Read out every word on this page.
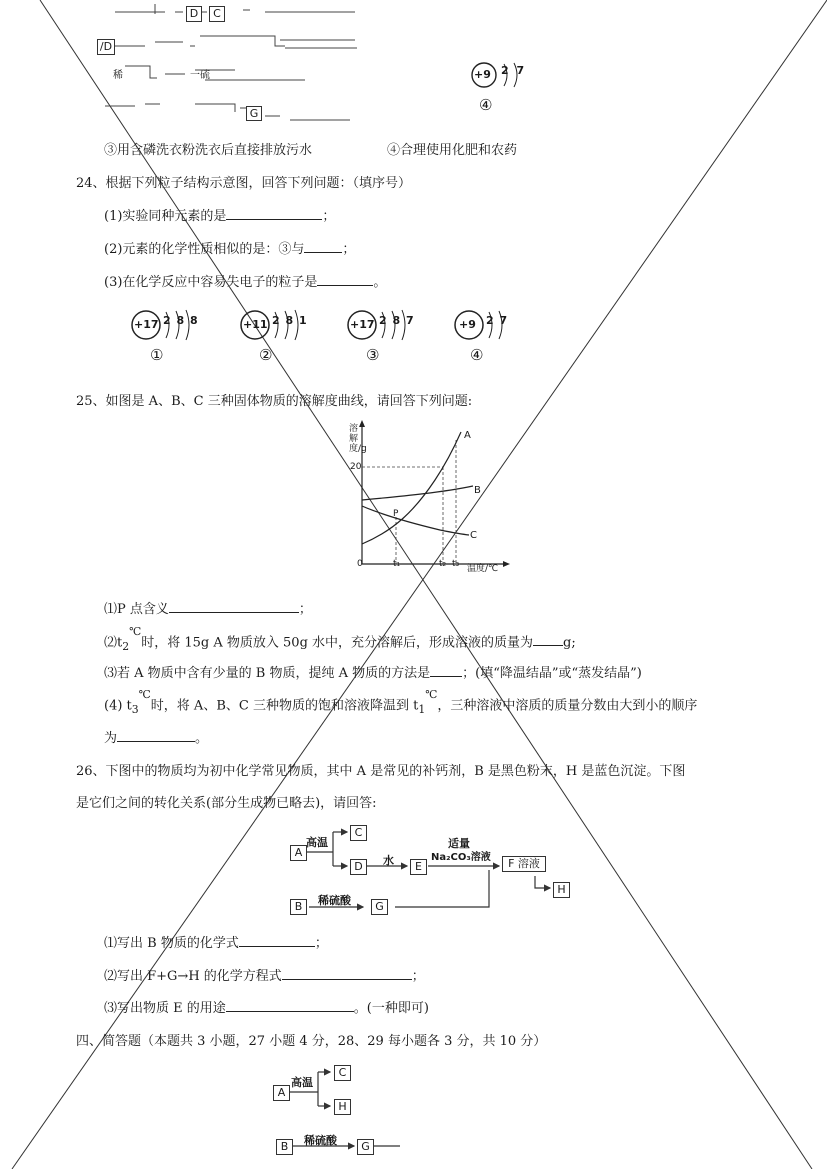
D	C
/D
稀	一硫
G
+9 2 7
④
③用含磷洗衣粉洗衣后直接排放污水	④合理使用化肥和农药
24、根据下列粒子结构示意图，回答下列问题：（填序号）
(1)实验同种元素的是	；
(2)元素的化学性质相似的是：③与	；
(3)在化学反应中容易失电子的粒子是	。
+17 2 8 8
①
+11 2 8 1
②
+17 2 8 7
③
+9 2 7
④
25、如图是 A、B、C 三种固体物质的溶解度曲线，请回答下列问题:
溶解度/g
20
0	t₁	t₂ t₃ 温度/℃
A
B
C
P
⑴P 点含义	；
$⑵t_2^℃$时，将 15g A 物质放入 50g 水中，充分溶解后，形成溶液的质量为 g;
⑶若 A 物质中含有少量的 B 物质，提纯 A 物质的方法是 ；(填“降温结晶”或“蒸发结晶”)
(4) $t_3^℃$时，将 A、B、C 三种物质的饱和溶液降温到 $t_1^℃$，三种溶液中溶质的质量分数由大到小的顺序
为	。
26、下图中的物质均为初中化学常见物质，其中 A 是常见的补钙剂，B 是黑色粉末，H 是蓝色沉淀。下图
是它们之间的转化关系(部分生成物已略去)，请回答:
A
C
D	E	F 溶液
H
B	G
高温
水
适量
Na₂CO₃溶液
稀硫酸
⑴写出 B 物质的化学式	；
⑵写出 F+G→H 的化学方程式	；
⑶写出物质 E 的用途	。(一种即可)
四、简答题（本题共 3 小题，27 小题 4 分，28、29 每小题各 3 分，共 10 分）
A
C
H
B	G
高温
稀硫酸
